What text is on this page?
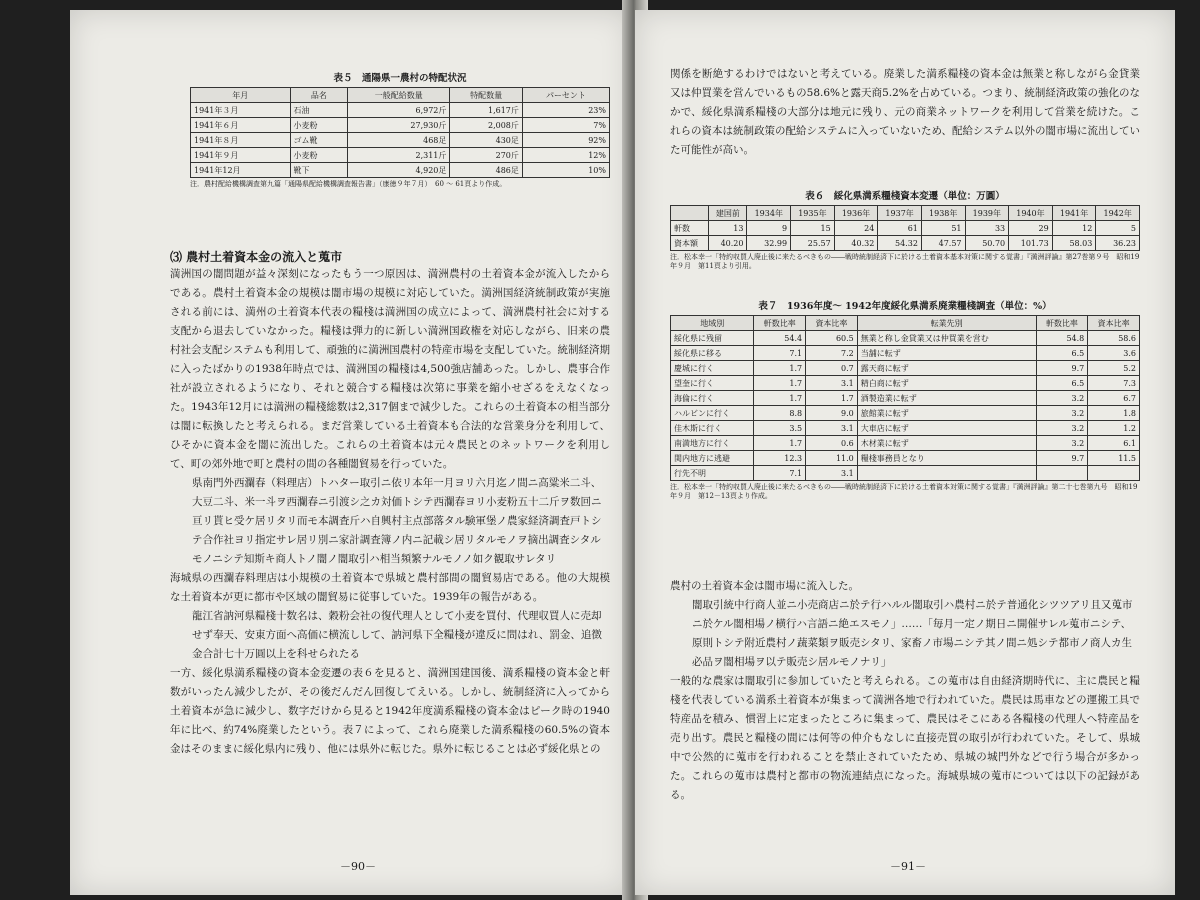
表５　通陽県一農村の特配状況

年月	品名	一般配給数量	特配数量	パーセント
1941年３月	石油	6,972斤	1,617斤	23%
1941年６月	小麦粉	27,930斤	2,008斤	7%
1941年８月	ゴム靴	468足	430足	92%
1941年９月	小麦粉	2,311斤	270斤	12%
1941年12月	靴下	4,920足	486足	10%

注．農村配給機構調査第九篇「通陽県配給機構調査報告書」（康徳９年７月）　60 ～ 61頁より作成。

⑶ 農村土着資本金の流入と蒐市

満洲国の闇問題が益々深刻になったもう一つ原因は、満洲農村の土着資本金が流入したからである。農村土着資本金の規模は闇市場の規模に対応していた。満洲国経済統制政策が実施される前には、満州の土着資本代表の糧棧は満洲国の成立によって、満洲農村社会に対する支配から退去していなかった。糧棧は弾力的に新しい満洲国政権を対応しながら、旧来の農村社会支配システムも利用して、頑強的に満洲国農村の特産市場を支配していた。統制経済期に入ったばかりの1938年時点では、満洲国の糧棧は4,500強店舗あった。しかし、農事合作社が設立されるようになり、それと競合する糧棧は次第に事業を縮小せざるをえなくなった。1943年12月には満洲の糧棧総数は2,317個まで減少した。これらの土着資本の相当部分は闇に転換したと考えられる。まだ営業している土着資本も合法的な営業身分を利用して、ひそかに資本金を闇に流出した。これらの土着資本は元々農民とのネットワークを利用して、町の郊外地で町と農村の間の各種闇貿易を行っていた。

県南門外西瀾春（料理店）トハター取引ニ依リ本年一月ヨリ六月迄ノ間ニ高粱米二斗、大豆二斗、米一斗ヲ西瀾春ニ引渡シ之カ対価トシテ西瀾春ヨリ小麦粉五十二斤ヲ数回ニ亘リ貰ヒ受ケ居リタリ而モ本調査斤ハ自興村主点部落タル験軍堡ノ農家経済調査戸トシテ合作社ヨリ指定サレ居リ別ニ家計調査簿ノ内ニ記載シ居リタルモノヲ摘出調査シタルモノニシテ知斯キ商人トノ闇ノ闇取引ハ相当頻繁ナルモノノ如ク観取サレタリ

海城県の西瀾春料理店は小規模の土着資本で県城と農村部間の闇貿易店である。他の大規模な土着資本が更に都市や区域の闇貿易に従事していた。1939年の報告がある。

龍江省訥河県糧棧十数名は、穀粉会社の復代理人として小麦を買付、代理収買人に売却せず奉天、安東方面へ高価に横流しして、訥河県下全糧棧が違反に問はれ、罰金、追徴金合計七十万圓以上を科せられたる

一方、綏化県満系糧棧の資本金変遷の表６を見ると、満洲国建国後、満系糧棧の資本金と軒数がいったん減少したが、その後だんだん回復してえいる。しかし、統制経済に入ってから土着資本が急に減少し、数字だけから見ると1942年度満系糧棧の資本金はピーク時の1940年に比べ、約74%廃業したという。表７によって、これら廃業した満系糧棧の60.5%の資本金はそのままに綏化県内に残り、他には県外に転じた。県外に転じることは必ず綏化県との

－90－

関係を断絶するわけではないと考えている。廃業した満系糧棧の資本金は無業と称しながら金貸業又は仲買業を営んでいるもの58.6%と露天商5.2%を占めている。つまり、統制経済政策の強化のなかで、綏化県満系糧棧の大部分は地元に残り、元の商業ネットワークを利用して営業を続けた。これらの資本は統制政策の配給システムに入っていないため、配給システム以外の闇市場に流出していた可能性が高い。

表６　綏化県満系糧棧資本変遷（単位：万圓）

	建国前	1934年	1935年	1936年	1937年	1938年	1939年	1940年	1941年	1942年
軒数	13	9	15	24	61	51	33	29	12	5
資本額	40.20	32.99	25.57	40.32	54.32	47.57	50.70	101.73	58.03	36.23

注．松本幸一「特約収買人廃止後に来たるべきもの――戦時統制経済下に於ける土着資本基本対策に関する覚書」『満洲評論』第27巻第９号　昭和19年９月　第11頁より引用。

表７　1936年度～ 1942年度綏化県満系廃業糧棧調査（単位：%）

地域別	軒数比率	資本比率	転業先別	軒数比率	資本比率
綏化県に残留	54.4	60.5	無業と称し金貸業又は仲買業を営む	54.8	58.6
綏化県に移る	7.1	7.2	当舗に転ず	6.5	3.6
慶城に行く	1.7	0.7	露天商に転ず	9.7	5.2
望奎に行く	1.7	3.1	精白商に転ず	6.5	7.3
海倫に行く	1.7	1.7	酒製造業に転ず	3.2	6.7
ハルビンに行く	8.8	9.0	旅館業に転ず	3.2	1.8
佳木斯に行く	3.5	3.1	大車店に転ず	3.2	1.2
南満地方に行く	1.7	0.6	木材業に転ず	3.2	6.1
関内地方に逃避	12.3	11.0	糧棧事務員となり	9.7	11.5
行先不明	7.1	3.1			

注．松本幸一「特約収買人廃止後に来たるべきもの――戦時統制経済下に於ける土着資本対策に関する覚書」『満洲評論』第二十七巻第九号　昭和19年９月　第12－13頁より作成。

農村の土着資本金は闇市場に流入した。

闇取引統中行商人並ニ小売商店ニ於テ行ハルル闇取引ハ農村ニ於テ普通化シツツアリ且又蒐市ニ於ケル闇相場ノ横行ハ言語ニ絶エスモノ」……「毎月一定ノ期日ニ開催サレル蒐市ニシテ、原則トシテ附近農村ノ蔬菜類ヲ販売シタリ、家畜ノ市場ニシテ其ノ間ニ処シテ都市ノ商人カ生必品ヲ闇相場ヲ以テ販売シ居ルモノナリ」

一般的な農家は闇取引に参加していたと考えられる。この蒐市は自由経済期時代に、主に農民と糧棧を代表している満系土着資本が集まって満洲各地で行われていた。農民は馬車などの運搬工具で特産品を積み、慣習上に定まったところに集まって、農民はそこにある各糧棧の代理人へ特産品を売り出す。農民と糧棧の間には何等の仲介もなしに直接売買の取引が行われていた。そして、県城中で公然的に蒐市を行われることを禁止されていたため、県城の城門外などで行う場合が多かった。これらの蒐市は農村と都市の物流連結点になった。海城県城の蒐市については以下の記録がある。

－91－
